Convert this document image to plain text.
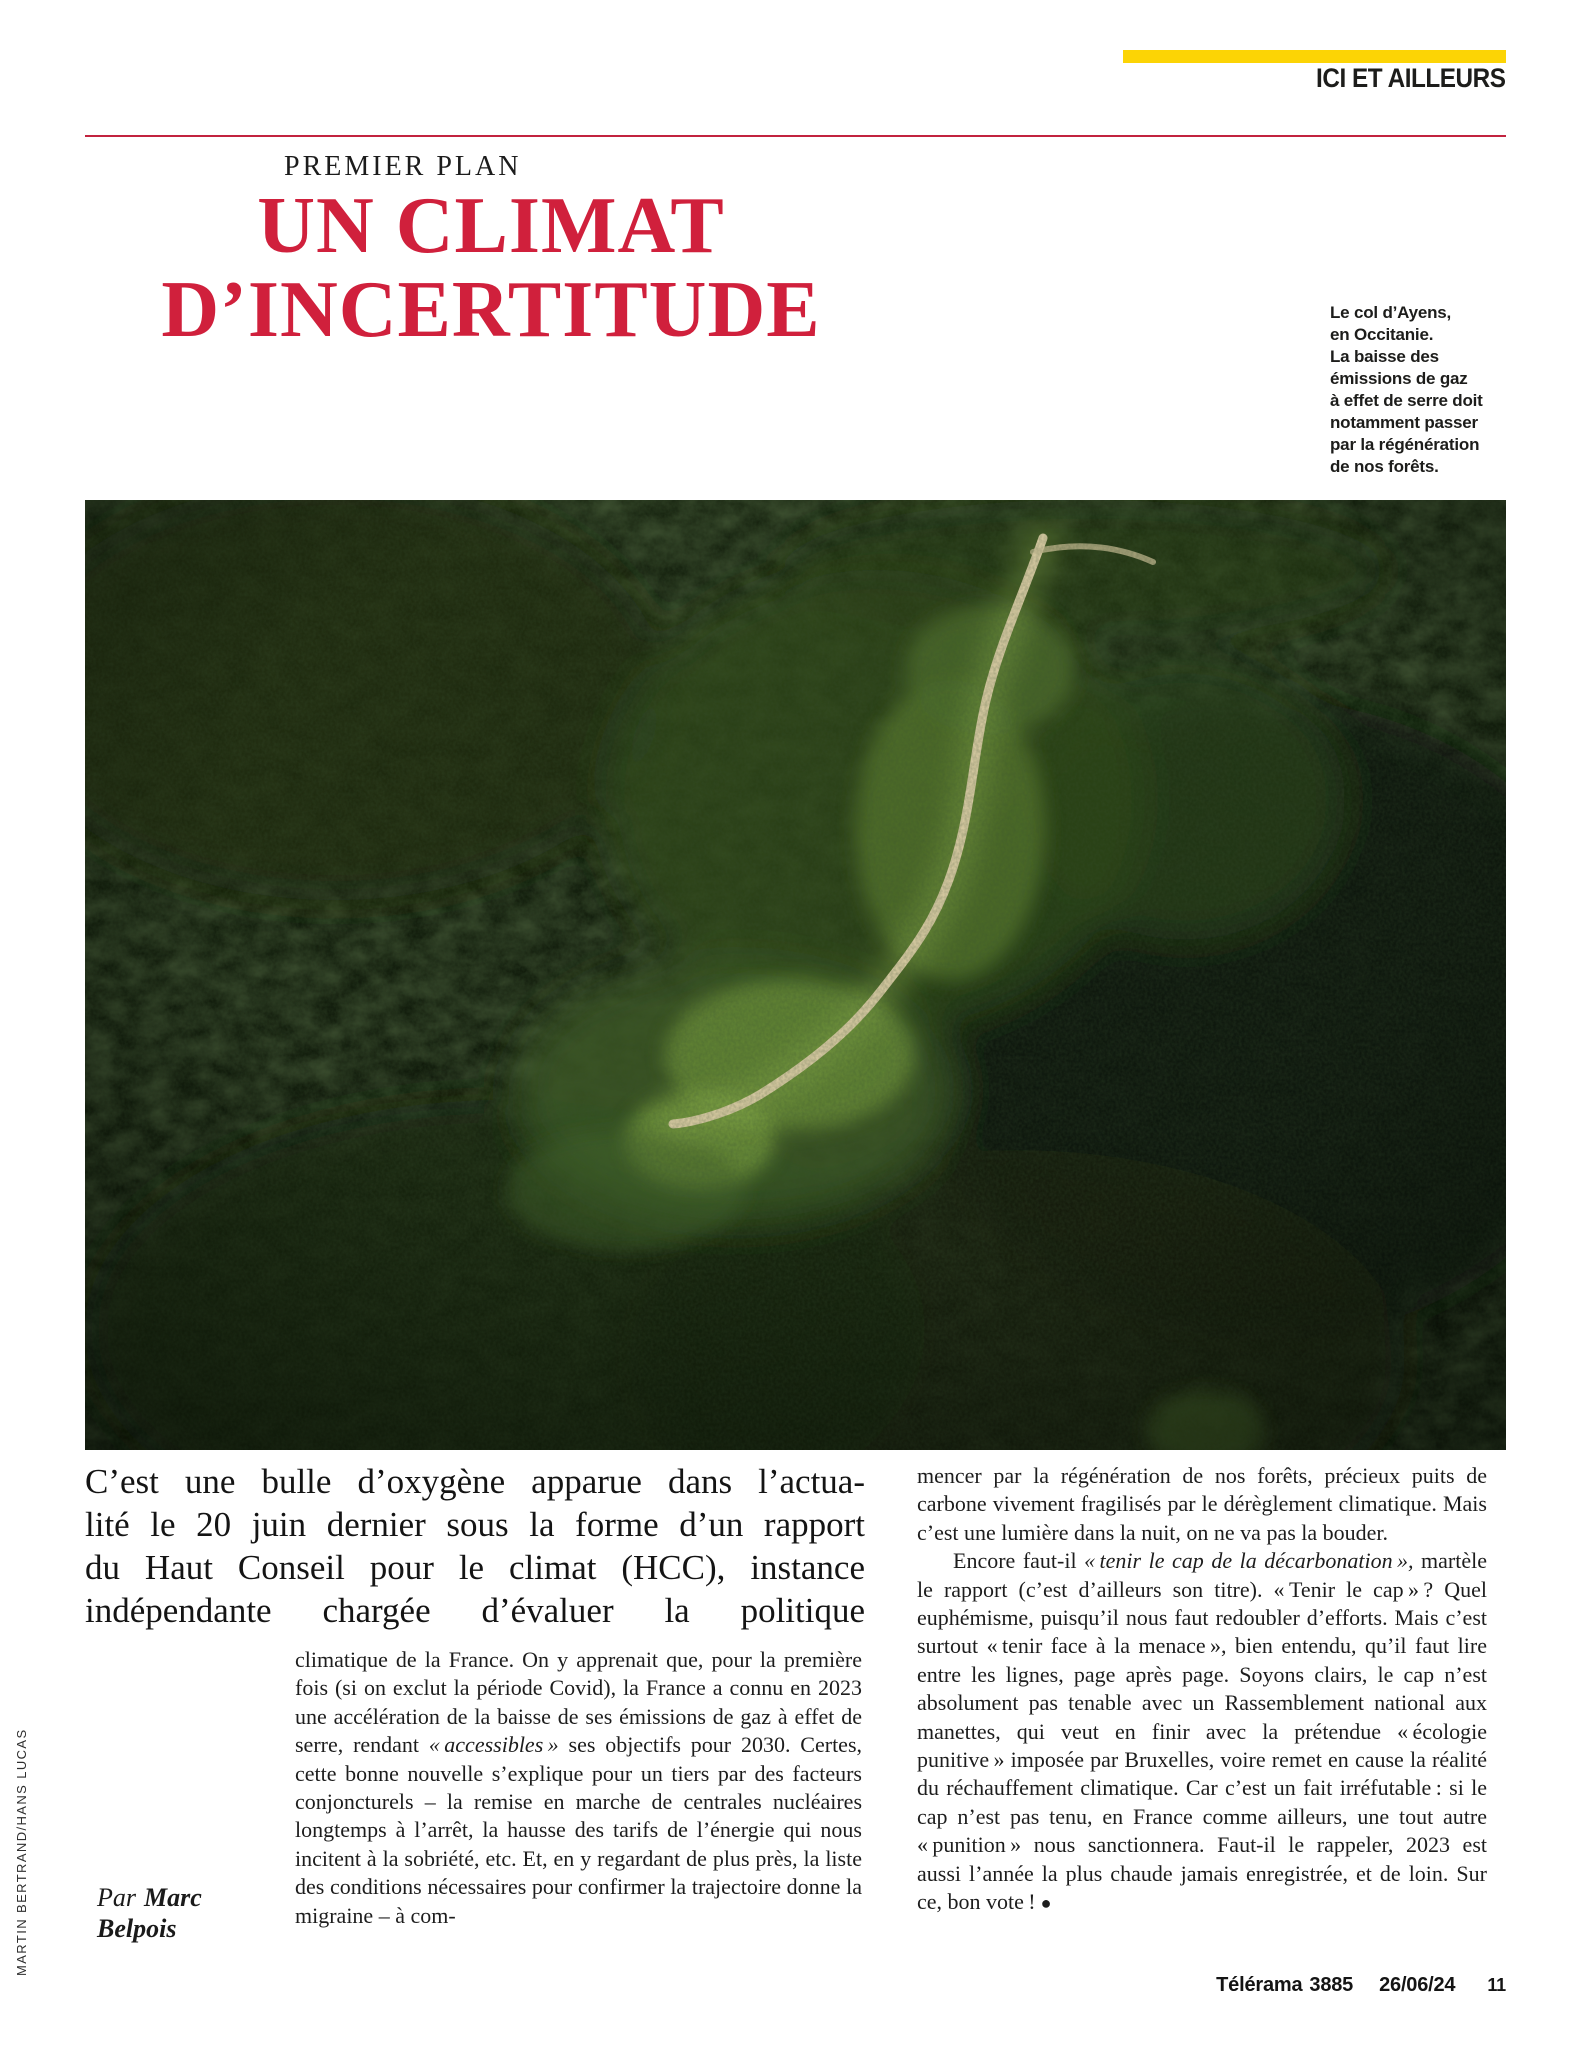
ICI ET AILLEURS
PREMIER PLAN
UN CLIMAT
D’INCERTITUDE	Le col d’Ayens,
en Occitanie.
La baisse des
émissions de gaz
à effet de serre doit
notamment passer
par la régénération
de nos forêts.
MARTIN BERTRAND/HANS LUCAS
C’est une bulle d’oxygène apparue dans l’actua-
lité le 20 juin dernier sous la forme d’un rapport
du Haut Conseil pour le climat (HCC), instance
indépendante chargée d’évaluer la politique

climatique de la France. On y apprenait que, pour la première fois (si on exclut la période Covid), la France a connu en 2023 une accélération de la baisse de ses émissions de gaz à effet de serre, rendant « accessibles » ses objectifs pour 2030. Certes, cette bonne nouvelle s’explique pour un tiers par des facteurs conjoncturels – la remise en marche de centrales nucléaires longtemps à l’arrêt, la hausse des tarifs de l’énergie qui nous incitent à la sobriété, etc. Et, en y regardant de plus près, la liste des conditions nécessaires pour confirmer la trajectoire donne la migraine – à com-

Par Marc
Belpois

mencer par la régénération de nos forêts, précieux puits de carbone vivement fragilisés par le dérèglement climatique. Mais c’est une lumière dans la nuit, on ne va pas la bouder.

Encore faut-il « tenir le cap de la décarbonation », martèle le rapport (c’est d’ailleurs son titre). « Tenir le cap » ? Quel euphémisme, puisqu’il nous faut redoubler d’efforts. Mais c’est surtout « tenir face à la menace », bien entendu, qu’il faut lire entre les lignes, page après page. Soyons clairs, le cap n’est absolument pas tenable avec un Rassemblement national aux manettes, qui veut en finir avec la prétendue « écologie punitive » imposée par Bruxelles, voire remet en cause la réalité du réchauffement climatique. Car c’est un fait irréfutable : si le cap n’est pas tenu, en France comme ailleurs, une tout autre « punition » nous sanctionnera. Faut-il le rappeler, 2023 est aussi l’année la plus chaude jamais enregistrée, et de loin. Sur ce, bon vote ! ●

Télérama 3885 26/06/24 11
